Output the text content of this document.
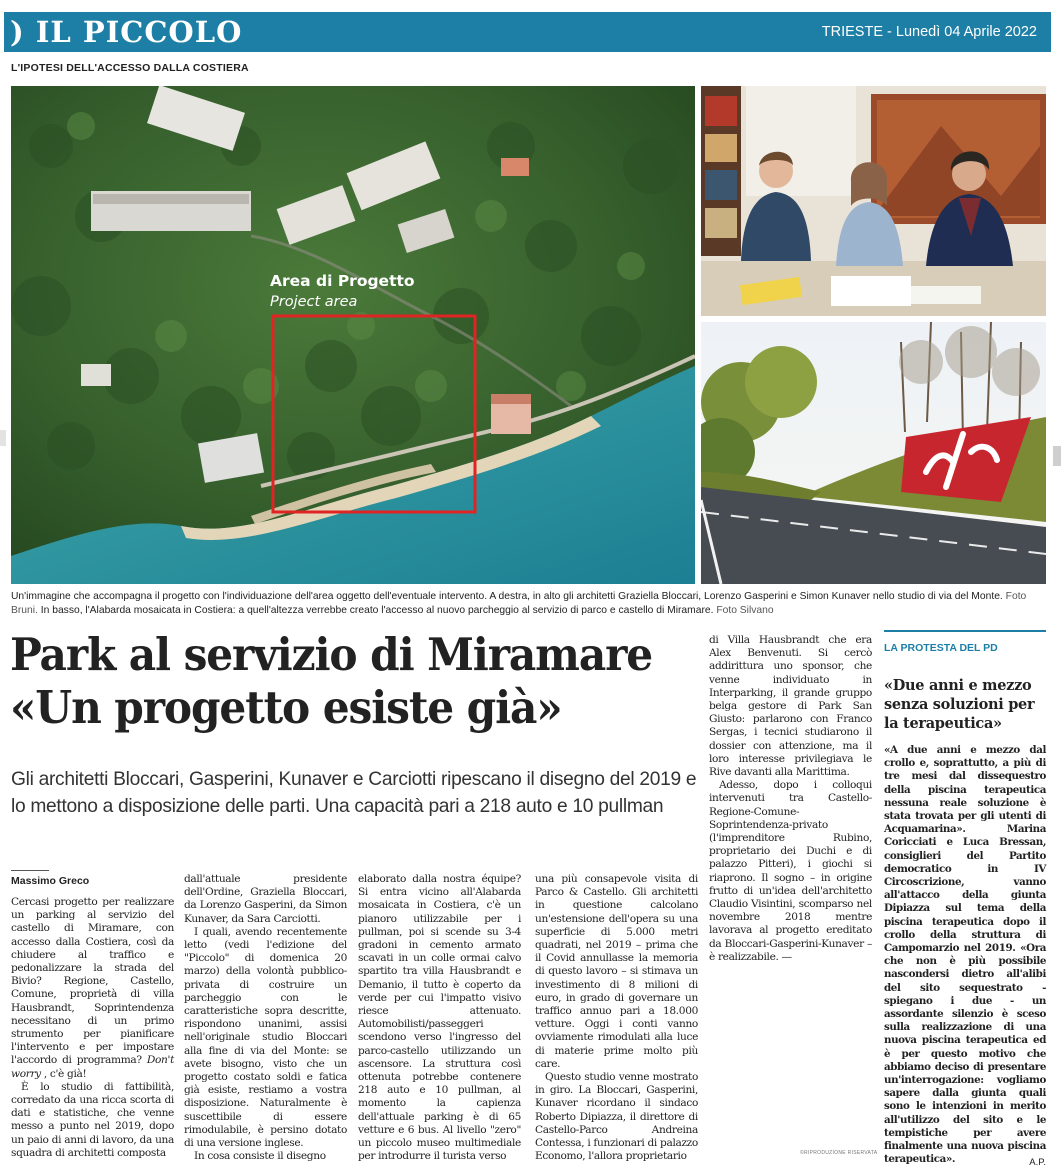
) IL PICCOLO	TRIESTE - Lunedì 04 Aprile 2022
L'IPOTESI DELL'ACCESSO DALLA COSTIERA
Area di Progetto
Project area
Un'immagine che accompagna il progetto con l'individuazione dell'area oggetto dell'eventuale intervento. A destra, in alto gli architetti Graziella Bloccari, Lorenzo Gasperini e Simon Kunaver nello studio di via del Monte. Foto Bruni. In basso, l'Alabarda mosaicata in Costiera: a quell'altezza verrebbe creato l'accesso al nuovo parcheggio al servizio di parco e castello di Miramare. Foto Silvano
Park al servizio di Miramare
«Un progetto esiste già»
Gli architetti Bloccari, Gasperini, Kunaver e Carciotti ripescano il disegno del 2019 e lo mettono a disposizione delle parti. Una capacità pari a 218 auto e 10 pullman
Massimo Greco

Cercasi progetto per realizzare un parking al servizio del castello di Miramare, con accesso dalla Costiera, così da chiudere al traffico e pedonalizzare la strada del Bivio? Regione, Castello, Comune, proprietà di villa Hausbrandt, Soprintendenza necessitano di un primo strumento per pianificare l'intervento e per impostare l'accordo di programma? Don't worry , c'è già!

È lo studio di fattibilità, corredato da una ricca scorta di dati e statistiche, che venne messo a punto nel 2019, dopo un paio di anni di lavoro, da una squadra di architetti composta

dall'attuale	presidente dell'Ordine, Graziella Bloccari, da Lorenzo Gasperini, da Simon Kunaver, da Sara Carciotti.

I quali, avendo recentemente letto (vedi l'edizione del "Piccolo" di domenica 20 marzo) della volontà pubblico-privata di costruire un parcheggio	con	le caratteristiche sopra descritte, rispondono unanimi, assisi nell'originale studio Bloccari alla fine di via del Monte: se avete bisogno, visto che un progetto costato soldi e fatica già esiste, restiamo a vostra disposizione. Naturalmente è suscettibile	di	essere rimodulabile, è persino dotato di una versione inglese.

In cosa consiste il disegno

elaborato dalla nostra équipe? Si entra vicino all'Alabarda mosaicata in Costiera, c'è un pianoro utilizzabile per i pullman, poi si scende su 3-4 gradoni in cemento armato scavati in un colle ormai calvo spartito tra villa Hausbrandt e Demanio, il tutto è coperto da verde per cui l'impatto visivo riesce	attenuato. Automobilisti/passeggeri scendono verso l'ingresso del parco-castello utilizzando un ascensore. La struttura così ottenuta potrebbe contenere 218 auto e 10 pullman, al momento	la	capienza dell'attuale parking è di 65 vetture e 6 bus. Al livello "zero" un piccolo museo multimediale per introdurre il turista verso

una più consapevole visita di Parco & Castello. Gli architetti in	questione	calcolano un'estensione dell'opera su una superficie di 5.000 metri quadrati, nel 2019 – prima che il Covid annullasse la memoria di questo lavoro – si stimava un investimento di 8 milioni di euro, in grado di governare un traffico annuo pari a 18.000 vetture. Oggi i conti vanno ovviamente rimodulati alla luce di materie prime molto più care.

Questo studio venne mostrato in giro. La Bloccari, Gasperini, Kunaver ricordano il sindaco Roberto Dipiazza, il direttore di Castello-Parco	Andreina Contessa, i funzionari di palazzo Economo, l'allora proprietario

di Villa Hausbrandt che era Alex Benvenuti. Si cercò addirittura uno sponsor, che venne	individuato	in Interparking, il grande gruppo belga gestore di Park San Giusto: parlarono con Franco Sergas, i tecnici studiarono il dossier con attenzione, ma il loro interesse privilegiava le Rive davanti alla Marittima.

Adesso, dopo i colloqui intervenuti tra Castello-Regione-Comune-Soprintendenza-privato (l'imprenditore	Rubino, proprietario dei Duchi e di palazzo Pitteri), i giochi si riaprono. Il sogno – in origine frutto di un'idea dell'architetto Claudio Visintini, scomparso nel novembre 2018 mentre lavorava al progetto ereditato da Bloccari-Gasperini-Kunaver – è realizzabile. —

LA PROTESTA DEL PD
«Due anni e mezzo senza soluzioni per la terapeutica»
«A due anni e mezzo dal crollo e, soprattutto, a più di tre mesi dal dissequestro della piscina terapeutica nessuna reale soluzione è stata trovata per gli utenti di Acquamarina». Marina Coricciati e Luca Bressan, consiglieri del Partito democratico in IV Circoscrizione, vanno all'attacco della giunta Dipiazza sul tema della piscina terapeutica dopo il crollo della struttura di Campomarzio nel 2019. «Ora che non è più possibile nascondersi dietro all'alibi del sito sequestrato - spiegano i due - un assordante silenzio è sceso sulla realizzazione di una nuova piscina terapeutica ed è per questo motivo che abbiamo deciso di presentare un'interrogazione: vogliamo sapere dalla giunta quali sono le intenzioni in merito all'utilizzo del sito e le tempistiche per avere finalmente una nuova piscina terapeutica».	A.P.
©RIPRODUZIONE RISERVATA
